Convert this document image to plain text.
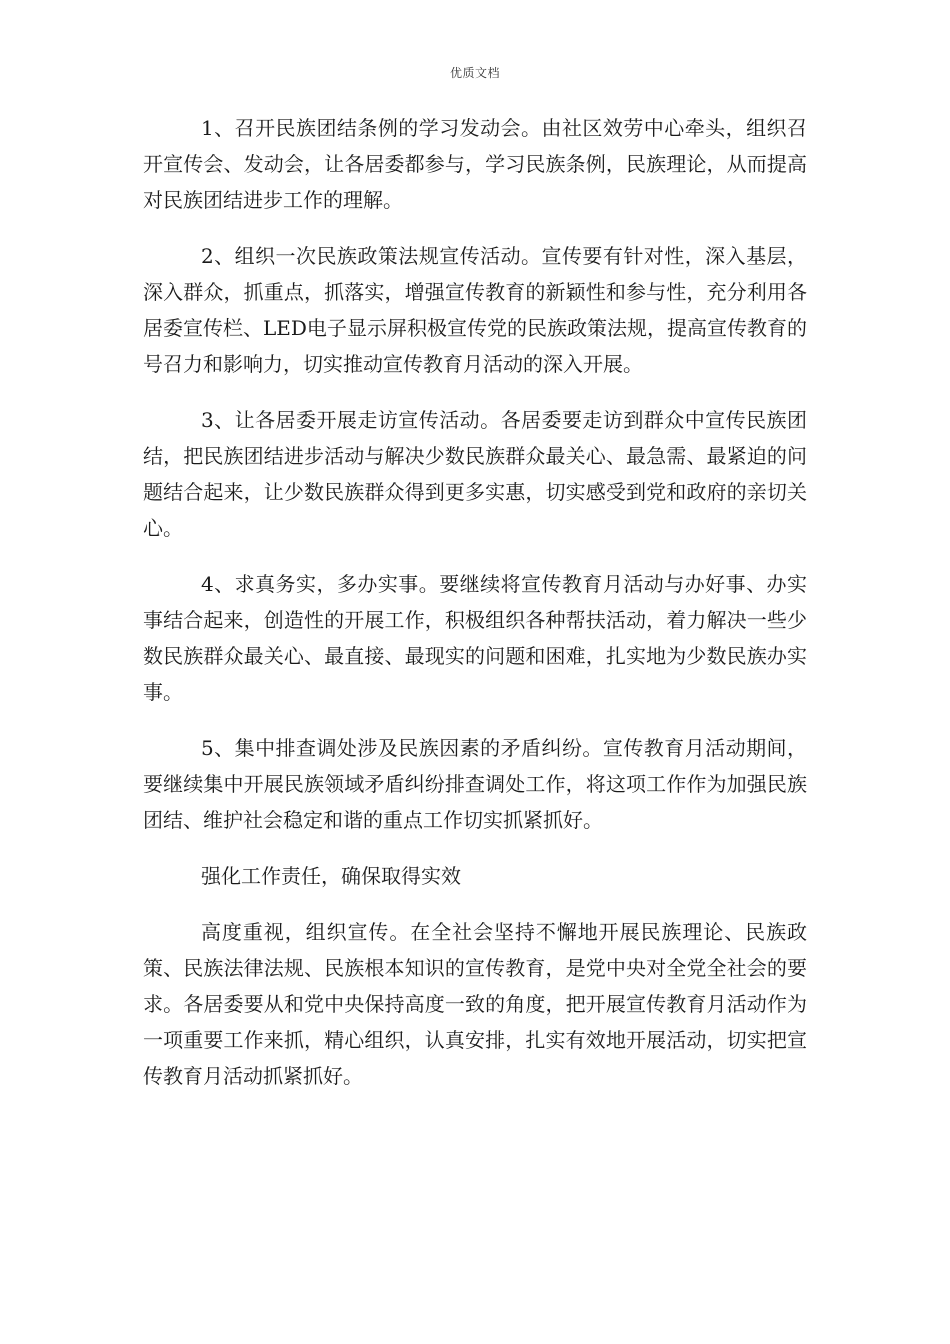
优质文档

1、召开民族团结条例的学习发动会。由社区效劳中心牵头，组织召开宣传会、发动会，让各居委都参与，学习民族条例，民族理论，从而提高对民族团结进步工作的理解。

2、组织一次民族政策法规宣传活动。宣传要有针对性，深入基层，深入群众，抓重点，抓落实，增强宣传教育的新颖性和参与性，充分利用各居委宣传栏、LED电子显示屏积极宣传党的民族政策法规，提高宣传教育的号召力和影响力，切实推动宣传教育月活动的深入开展。

3、让各居委开展走访宣传活动。各居委要走访到群众中宣传民族团结，把民族团结进步活动与解决少数民族群众最关心、最急需、最紧迫的问题结合起来，让少数民族群众得到更多实惠，切实感受到党和政府的亲切关心。

4、求真务实，多办实事。要继续将宣传教育月活动与办好事、办实事结合起来，创造性的开展工作，积极组织各种帮扶活动，着力解决一些少数民族群众最关心、最直接、最现实的问题和困难，扎实地为少数民族办实事。

5、集中排查调处涉及民族因素的矛盾纠纷。宣传教育月活动期间，要继续集中开展民族领域矛盾纠纷排查调处工作，将这项工作作为加强民族团结、维护社会稳定和谐的重点工作切实抓紧抓好。

强化工作责任，确保取得实效

高度重视，组织宣传。在全社会坚持不懈地开展民族理论、民族政策、民族法律法规、民族根本知识的宣传教育，是党中央对全党全社会的要求。各居委要从和党中央保持高度一致的角度，把开展宣传教育月活动作为一项重要工作来抓，精心组织，认真安排，扎实有效地开展活动，切实把宣传教育月活动抓紧抓好。
